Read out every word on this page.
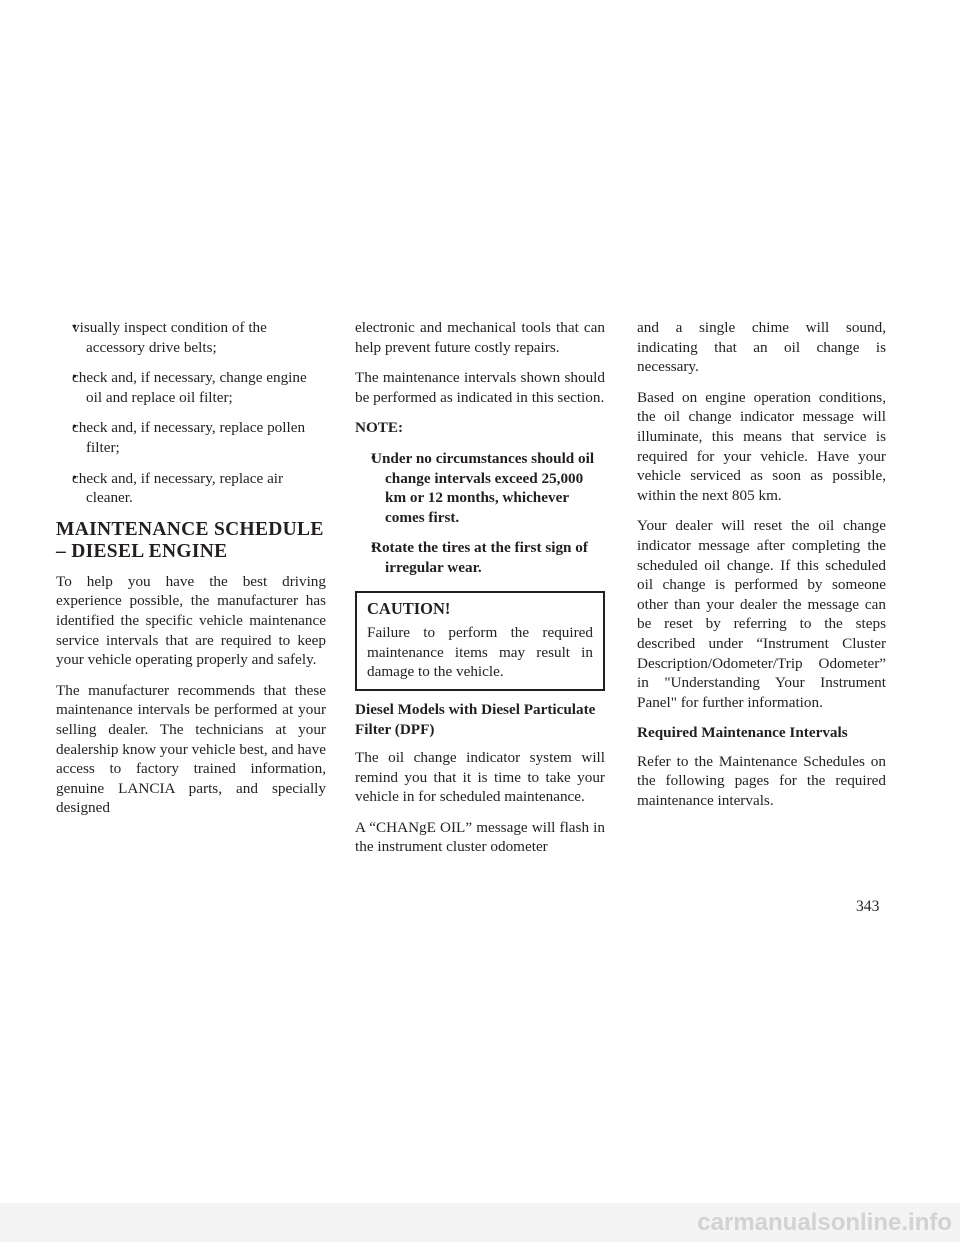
• visually inspect condition of the accessory drive belts;
• check and, if necessary, change engine oil and replace oil filter;
• check and, if necessary, replace pollen filter;
• check and, if necessary, replace air cleaner.
MAINTENANCE SCHEDULE – DIESEL ENGINE

To help you have the best driving experience possible, the manufacturer has identified the specific vehicle maintenance service intervals that are required to keep your vehicle operating properly and safely.

The manufacturer recommends that these maintenance intervals be performed at your selling dealer. The technicians at your dealership know your vehicle best, and have access to factory trained information, genuine LANCIA parts, and specially designed

electronic and mechanical tools that can help prevent future costly repairs.

The maintenance intervals shown should be performed as indicated in this section.

NOTE:
• Under no circumstances should oil change intervals exceed 25,000 km or 12 months, whichever comes first.
• Rotate the tires at the first sign of irregular wear.
CAUTION!

Failure to perform the required maintenance items may result in damage to the vehicle.

Diesel Models with Diesel Particulate Filter (DPF)

The oil change indicator system will remind you that it is time to take your vehicle in for scheduled maintenance.

A “CHANgE OIL” message will flash in the instrument cluster odometer

and a single chime will sound, indicating that an oil change is necessary.

Based on engine operation conditions, the oil change indicator message will illuminate, this means that service is required for your vehicle. Have your vehicle serviced as soon as possible, within the next 805 km.

Your dealer will reset the oil change indicator message after completing the scheduled oil change. If this scheduled oil change is performed by someone other than your dealer the message can be reset by referring to the steps described under “Instrument Cluster Description/Odometer/Trip Odometer” in "Understanding Your Instrument Panel" for further information.

Required Maintenance Intervals

Refer to the Maintenance Schedules on the following pages for the required maintenance intervals.

343
carmanualsonline.info
